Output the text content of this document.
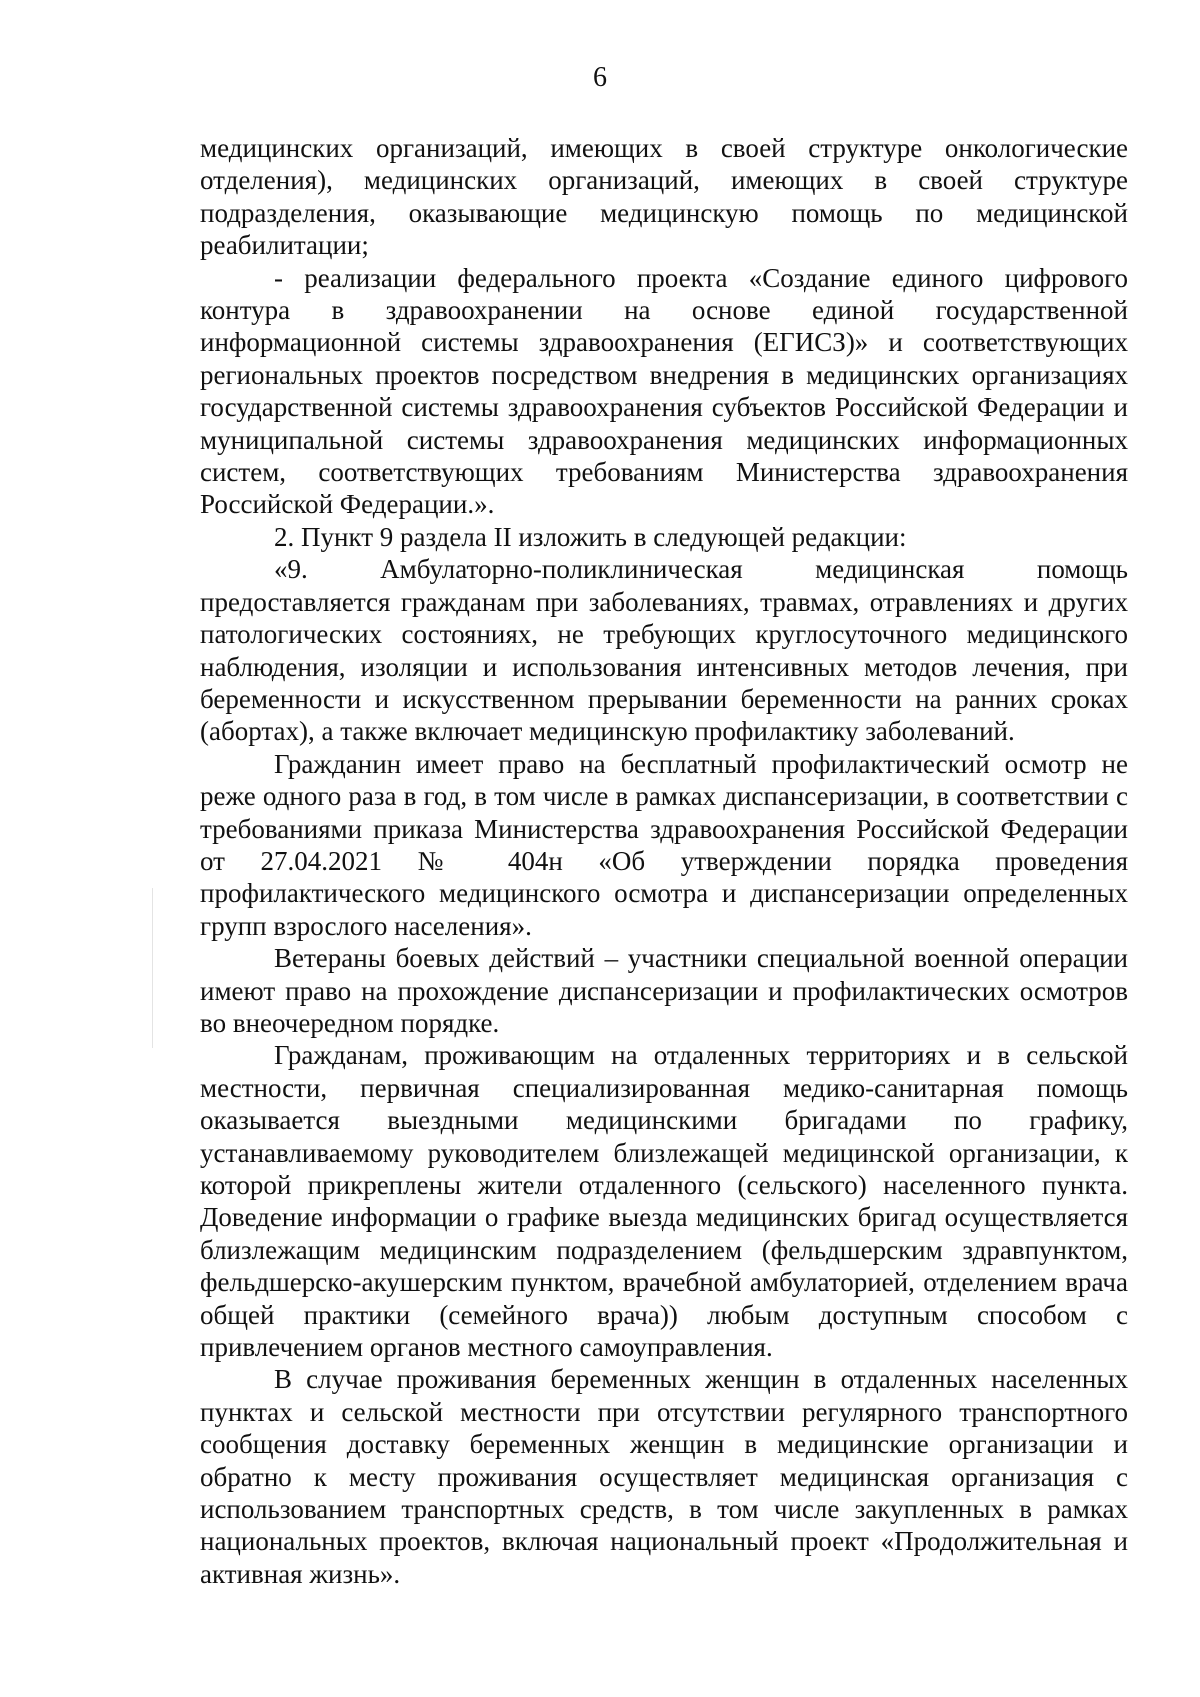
6

медицинских организаций, имеющих в своей структуре онкологические отделения), медицинских организаций, имеющих в своей структуре подразделения, оказывающие медицинскую помощь по медицинской реабилитации;

- реализации федерального проекта «Создание единого цифрового контура в здравоохранении на основе единой государственной информационной системы здравоохранения (ЕГИСЗ)» и соответствующих региональных проектов посредством внедрения в медицинских организациях государственной системы здравоохранения субъектов Российской Федерации и муниципальной системы здравоохранения медицинских информационных систем, соответствующих требованиям Министерства здравоохранения Российской Федерации.».

2. Пункт 9 раздела II изложить в следующей редакции:

«9. Амбулаторно-поликлиническая медицинская помощь предоставляется гражданам при заболеваниях, травмах, отравлениях и других патологических состояниях, не требующих круглосуточного медицинского наблюдения, изоляции и использования интенсивных методов лечения, при беременности и искусственном прерывании беременности на ранних сроках (абортах), а также включает медицинскую профилактику заболеваний.

Гражданин имеет право на бесплатный профилактический осмотр не реже одного раза в год, в том числе в рамках диспансеризации, в соответствии с требованиями приказа Министерства здравоохранения Российской Федерации от 27.04.2021 № 404н «Об утверждении порядка проведения профилактического медицинского осмотра и диспансеризации определенных групп взрослого населения».

Ветераны боевых действий – участники специальной военной операции имеют право на прохождение диспансеризации и профилактических осмотров во внеочередном порядке.

Гражданам, проживающим на отдаленных территориях и в сельской местности, первичная специализированная медико-санитарная помощь оказывается выездными медицинскими бригадами по графику, устанавливаемому руководителем близлежащей медицинской организации, к которой прикреплены жители отдаленного (сельского) населенного пункта. Доведение информации о графике выезда медицинских бригад осуществляется близлежащим медицинским подразделением (фельдшерским здравпунктом, фельдшерско-акушерским пунктом, врачебной амбулаторией, отделением врача общей практики (семейного врача)) любым доступным способом с привлечением органов местного самоуправления.

В случае проживания беременных женщин в отдаленных населенных пунктах и сельской местности при отсутствии регулярного транспортного сообщения доставку беременных женщин в медицинские организации и обратно к месту проживания осуществляет медицинская организация с использованием транспортных средств, в том числе закупленных в рамках национальных проектов, включая национальный проект «Продолжительная и активная жизнь».
